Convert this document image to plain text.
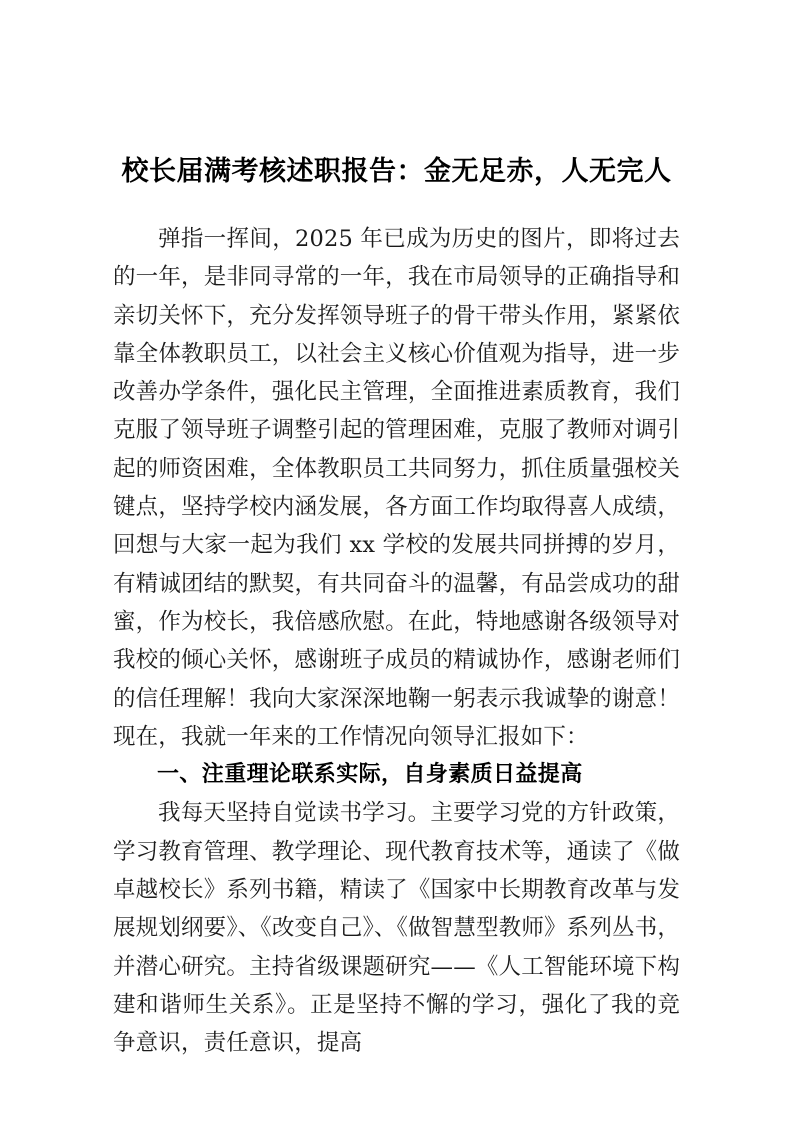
校长届满考核述职报告：金无足赤，人无完人

弹指一挥间，2025 年已成为历史的图片，即将过去的一年，是非同寻常的一年，我在市局领导的正确指导和亲切关怀下，充分发挥领导班子的骨干带头作用，紧紧依靠全体教职员工，以社会主义核心价值观为指导，进一步改善办学条件，强化民主管理，全面推进素质教育，我们克服了领导班子调整引起的管理困难，克服了教师对调引起的师资困难，全体教职员工共同努力，抓住质量强校关键点，坚持学校内涵发展，各方面工作均取得喜人成绩，回想与大家一起为我们 xx 学校的发展共同拼搏的岁月，有精诚团结的默契，有共同奋斗的温馨，有品尝成功的甜蜜，作为校长，我倍感欣慰。在此，特地感谢各级领导对我校的倾心关怀，感谢班子成员的精诚协作，感谢老师们的信任理解！我向大家深深地鞠一躬表示我诚挚的谢意！现在，我就一年来的工作情况向领导汇报如下：

一、注重理论联系实际，自身素质日益提高

我每天坚持自觉读书学习。主要学习党的方针政策，学习教育管理、教学理论、现代教育技术等，通读了《做卓越校长》系列书籍，精读了《国家中长期教育改革与发展规划纲要》、《改变自己》、《做智慧型教师》系列丛书，并潜心研究。主持省级课题研究——《人工智能环境下构建和谐师生关系》。正是坚持不懈的学习，强化了我的竞争意识，责任意识，提高
